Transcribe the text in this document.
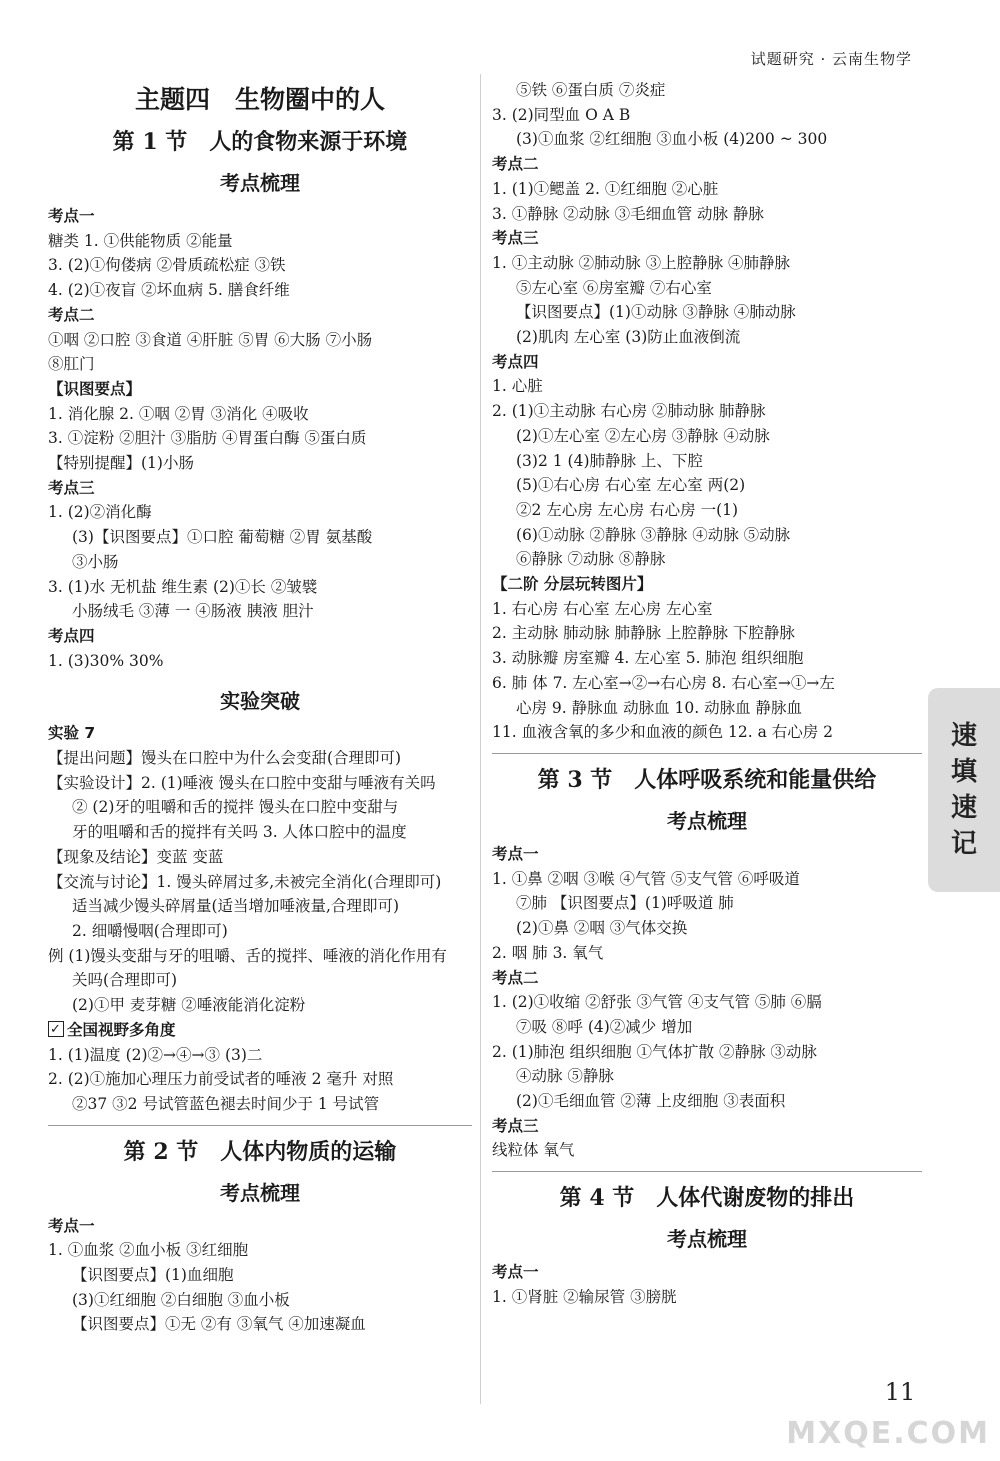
试题研究 · 云南生物学
主题四　生物圈中的人
第 1 节　人的食物来源于环境
考点梳理
考点一
糖类 1. ①供能物质 ②能量
3. (2)①佝偻病 ②骨质疏松症 ③铁
4. (2)①夜盲 ②坏血病 5. 膳食纤维
考点二
①咽 ②口腔 ③食道 ④肝脏 ⑤胃 ⑥大肠 ⑦小肠
⑧肛门
【识图要点】
1. 消化腺 2. ①咽 ②胃 ③消化 ④吸收
3. ①淀粉 ②胆汁 ③脂肪 ④胃蛋白酶 ⑤蛋白质
【特别提醒】(1)小肠
考点三
1. (2)②消化酶
(3)【识图要点】①口腔 葡萄糖 ②胃 氨基酸
③小肠
3. (1)水 无机盐 维生素 (2)①长 ②皱襞
小肠绒毛 ③薄 一 ④肠液 胰液 胆汁
考点四
1. (3)30% 30%
实验突破
实验 7
【提出问题】馒头在口腔中为什么会变甜(合理即可)
【实验设计】2. (1)唾液 馒头在口腔中变甜与唾液有关吗
② (2)牙的咀嚼和舌的搅拌 馒头在口腔中变甜与
牙的咀嚼和舌的搅拌有关吗 3. 人体口腔中的温度
【现象及结论】变蓝 变蓝
【交流与讨论】1. 馒头碎屑过多,未被完全消化(合理即可)
适当减少馒头碎屑量(适当增加唾液量,合理即可)
2. 细嚼慢咽(合理即可)
例 (1)馒头变甜与牙的咀嚼、舌的搅拌、唾液的消化作用有
关吗(合理即可)
(2)①甲 麦芽糖 ②唾液能消化淀粉
✓全国视野多角度
1. (1)温度 (2)②→④→③ (3)二
2. (2)①施加心理压力前受试者的唾液 2 毫升 对照
②37 ③2 号试管蓝色褪去时间少于 1 号试管
第 2 节　人体内物质的运输
考点梳理
考点一
1. ①血浆 ②血小板 ③红细胞
【识图要点】(1)血细胞
(3)①红细胞 ②白细胞 ③血小板
【识图要点】①无 ②有 ③氧气 ④加速凝血
⑤铁 ⑥蛋白质 ⑦炎症
3. (2)同型血 O A B
(3)①血浆 ②红细胞 ③血小板 (4)200 ~ 300
考点二
1. (1)①鳃盖 2. ①红细胞 ②心脏
3. ①静脉 ②动脉 ③毛细血管 动脉 静脉
考点三
1. ①主动脉 ②肺动脉 ③上腔静脉 ④肺静脉
⑤左心室 ⑥房室瓣 ⑦右心室
【识图要点】(1)①动脉 ③静脉 ④肺动脉
(2)肌肉 左心室 (3)防止血液倒流
考点四
1. 心脏
2. (1)①主动脉 右心房 ②肺动脉 肺静脉
(2)①左心室 ②左心房 ③静脉 ④动脉
(3)2 1 (4)肺静脉 上、下腔
(5)①右心房 右心室 左心室 两(2)
②2 左心房 左心房 右心房 一(1)
(6)①动脉 ②静脉 ③静脉 ④动脉 ⑤动脉
⑥静脉 ⑦动脉 ⑧静脉
【二阶 分层玩转图片】
1. 右心房 右心室 左心房 左心室
2. 主动脉 肺动脉 肺静脉 上腔静脉 下腔静脉
3. 动脉瓣 房室瓣 4. 左心室 5. 肺泡 组织细胞
6. 肺 体 7. 左心室→②→右心房 8. 右心室→①→左
心房 9. 静脉血 动脉血 10. 动脉血 静脉血
11. 血液含氧的多少和血液的颜色 12. a 右心房 2
第 3 节　人体呼吸系统和能量供给
考点梳理
考点一
1. ①鼻 ②咽 ③喉 ④气管 ⑤支气管 ⑥呼吸道
⑦肺 【识图要点】(1)呼吸道 肺
(2)①鼻 ②咽 ③气体交换
2. 咽 肺 3. 氧气
考点二
1. (2)①收缩 ②舒张 ③气管 ④支气管 ⑤肺 ⑥膈
⑦吸 ⑧呼 (4)②减少 增加
2. (1)肺泡 组织细胞 ①气体扩散 ②静脉 ③动脉
④动脉 ⑤静脉
(2)①毛细血管 ②薄 上皮细胞 ③表面积
考点三
线粒体 氧气
第 4 节　人体代谢废物的排出
考点梳理
考点一
1. ①肾脏 ②输尿管 ③膀胱
速
填
速
记
11
MXQE.COM
